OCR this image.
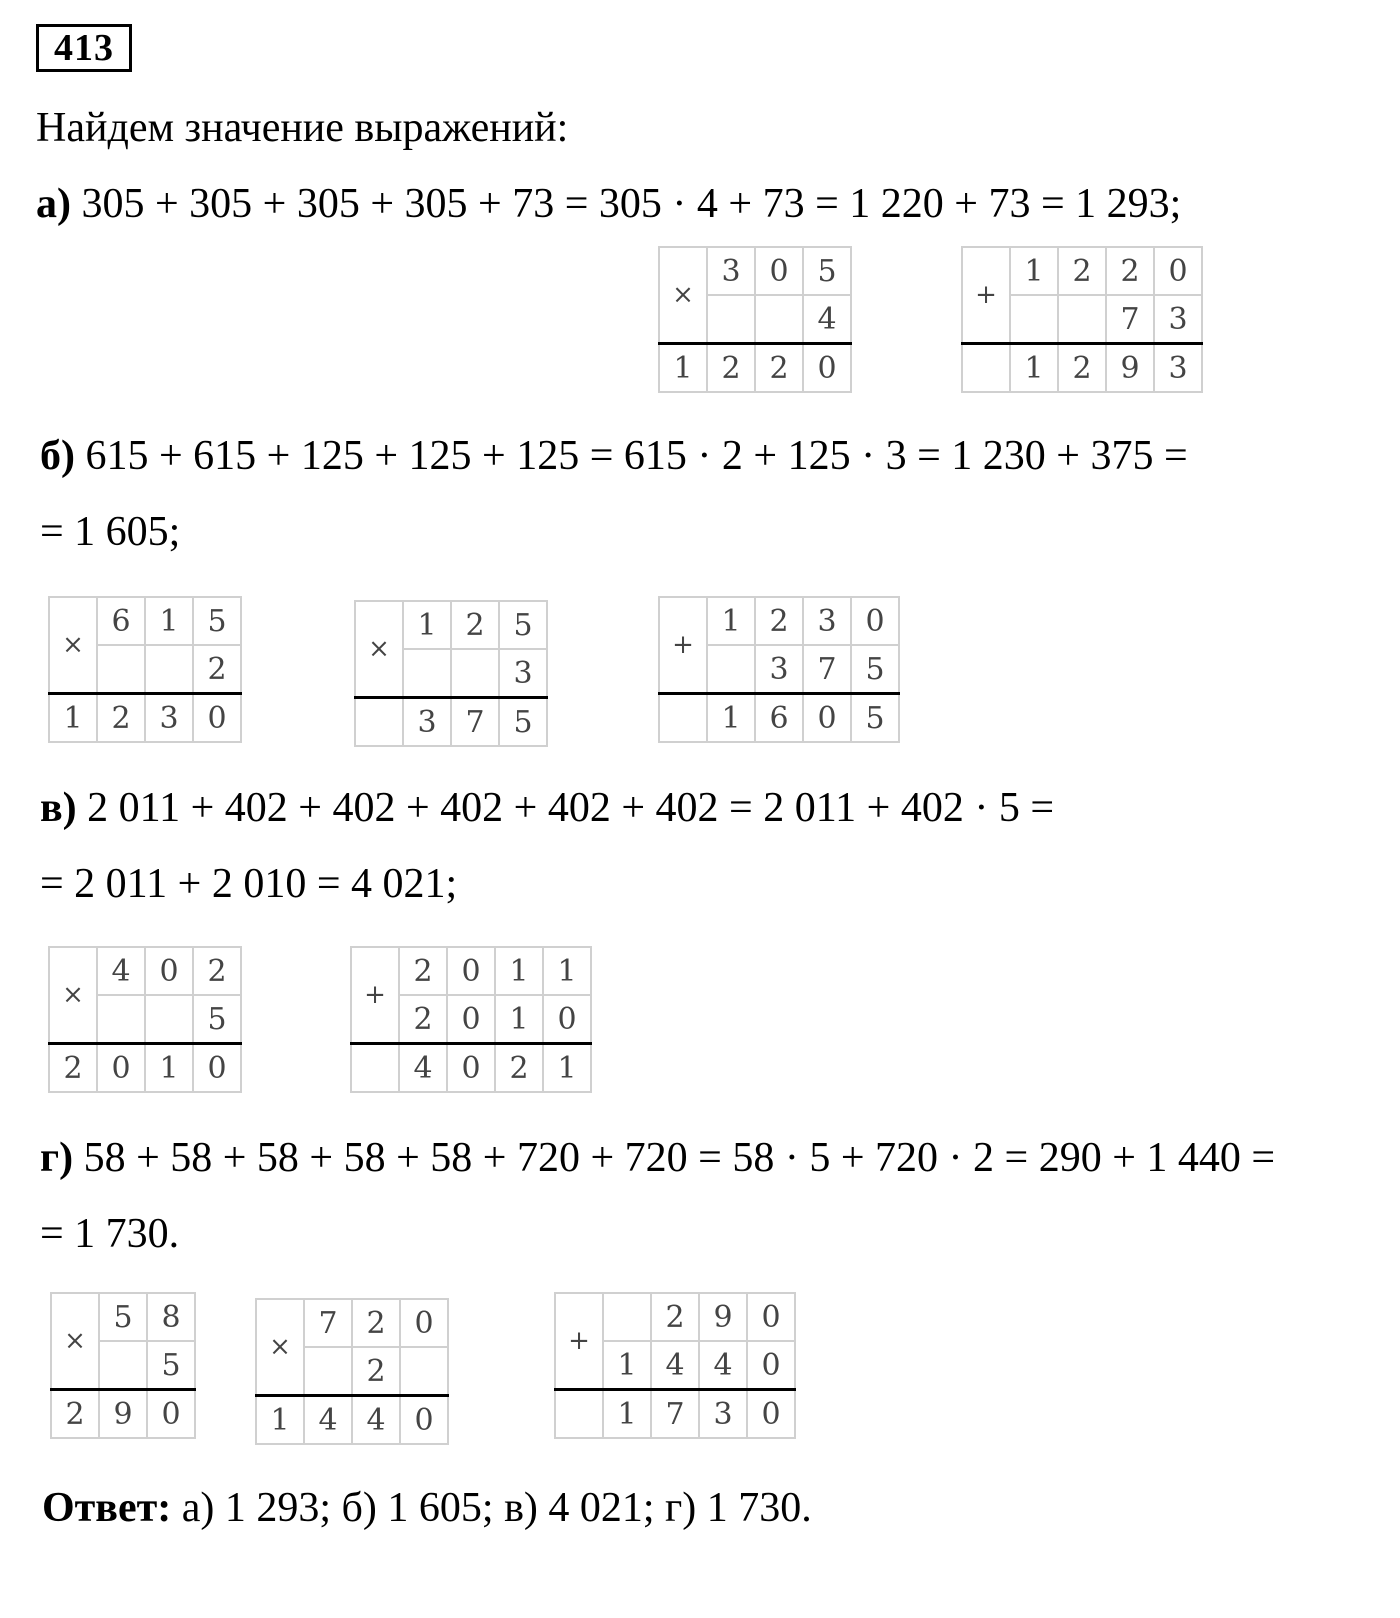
413
Найдем значение выражений:
а) 305 + 305 + 305 + 305 + 73 = 305 · 4 + 73 = 1 220 + 73 = 1 293;
×	3	0	5
			4
1	2	2	0
+	1	2	2	0
			7	3
	1	2	9	3
б) 615 + 615 + 125 + 125 + 125 = 615 · 2 + 125 · 3 = 1 230 + 375 =
= 1 605;
×	6	1	5
			2
1	2	3	0
×	1	2	5
			3
	3	7	5
+	1	2	3	0
		3	7	5
	1	6	0	5
в) 2 011 + 402 + 402 + 402 + 402 + 402 = 2 011 + 402 · 5 =
= 2 011 + 2 010 = 4 021;
×	4	0	2
			5
2	0	1	0
+	2	0	1	1
	2	0	1	0
	4	0	2	1
г) 58 + 58 + 58 + 58 + 58 + 720 + 720 = 58 · 5 + 720 · 2 = 290 + 1 440 =
= 1 730.
×	5	8
		5
2	9	0
×	7	2	0
		2	
1	4	4	0
+		2	9	0
	1	4	4	0
	1	7	3	0
Ответ: а) 1 293; б) 1 605; в) 4 021; г) 1 730.
